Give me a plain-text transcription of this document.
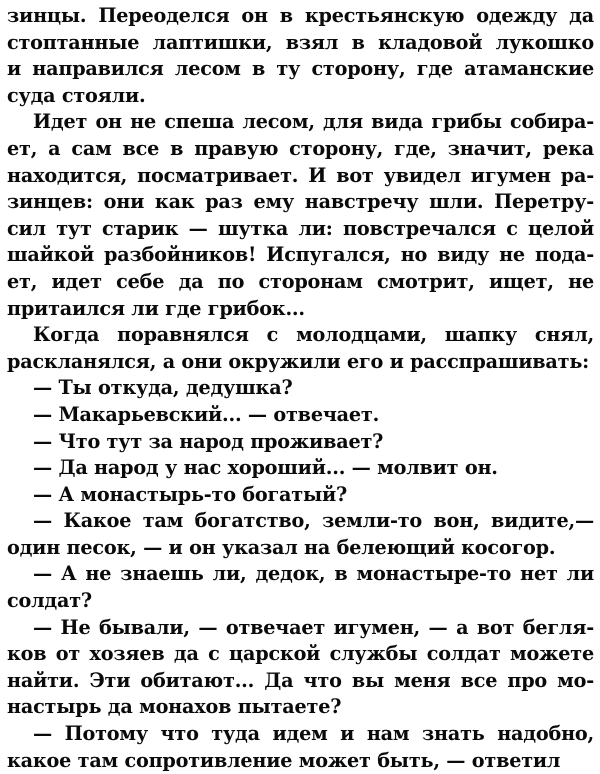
зинцы. Переоделся он в крестьянскую одежду да
стоптанные лаптишки, взял в кладовой лукошко
и направился лесом в ту сторону, где атаманские
суда стояли.
Идет он не спеша лесом, для вида грибы собира-
ет, а сам все в правую сторону, где, значит, река
находится, посматривает. И вот увидел игумен ра-
зинцев: они как раз ему навстречу шли. Перетру-
сил тут старик — шутка ли: повстречался с целой
шайкой разбойников! Испугался, но виду не пода-
ет, идет себе да по сторонам смотрит, ищет, не
притаился ли где грибок...
Когда поравнялся с молодцами, шапку снял,
раскланялся, а они окружили его и расспрашивать:
— Ты откуда, дедушка?
— Макарьевский... — отвечает.
— Что тут за народ проживает?
— Да народ у нас хороший... — молвит он.
— А монастырь-то богатый?
— Какое там богатство, земли-то вон, видите,—
один песок, — и он указал на белеющий косогор.
— А не знаешь ли, дедок, в монастыре-то нет ли
солдат?
— Не бывали, — отвечает игумен, — а вот бегля-
ков от хозяев да с царской службы солдат можете
найти. Эти обитают... Да что вы меня все про мо-
настырь да монахов пытаете?
— Потому что туда идем и нам знать надобно,
какое там сопротивление может быть, — ответил
